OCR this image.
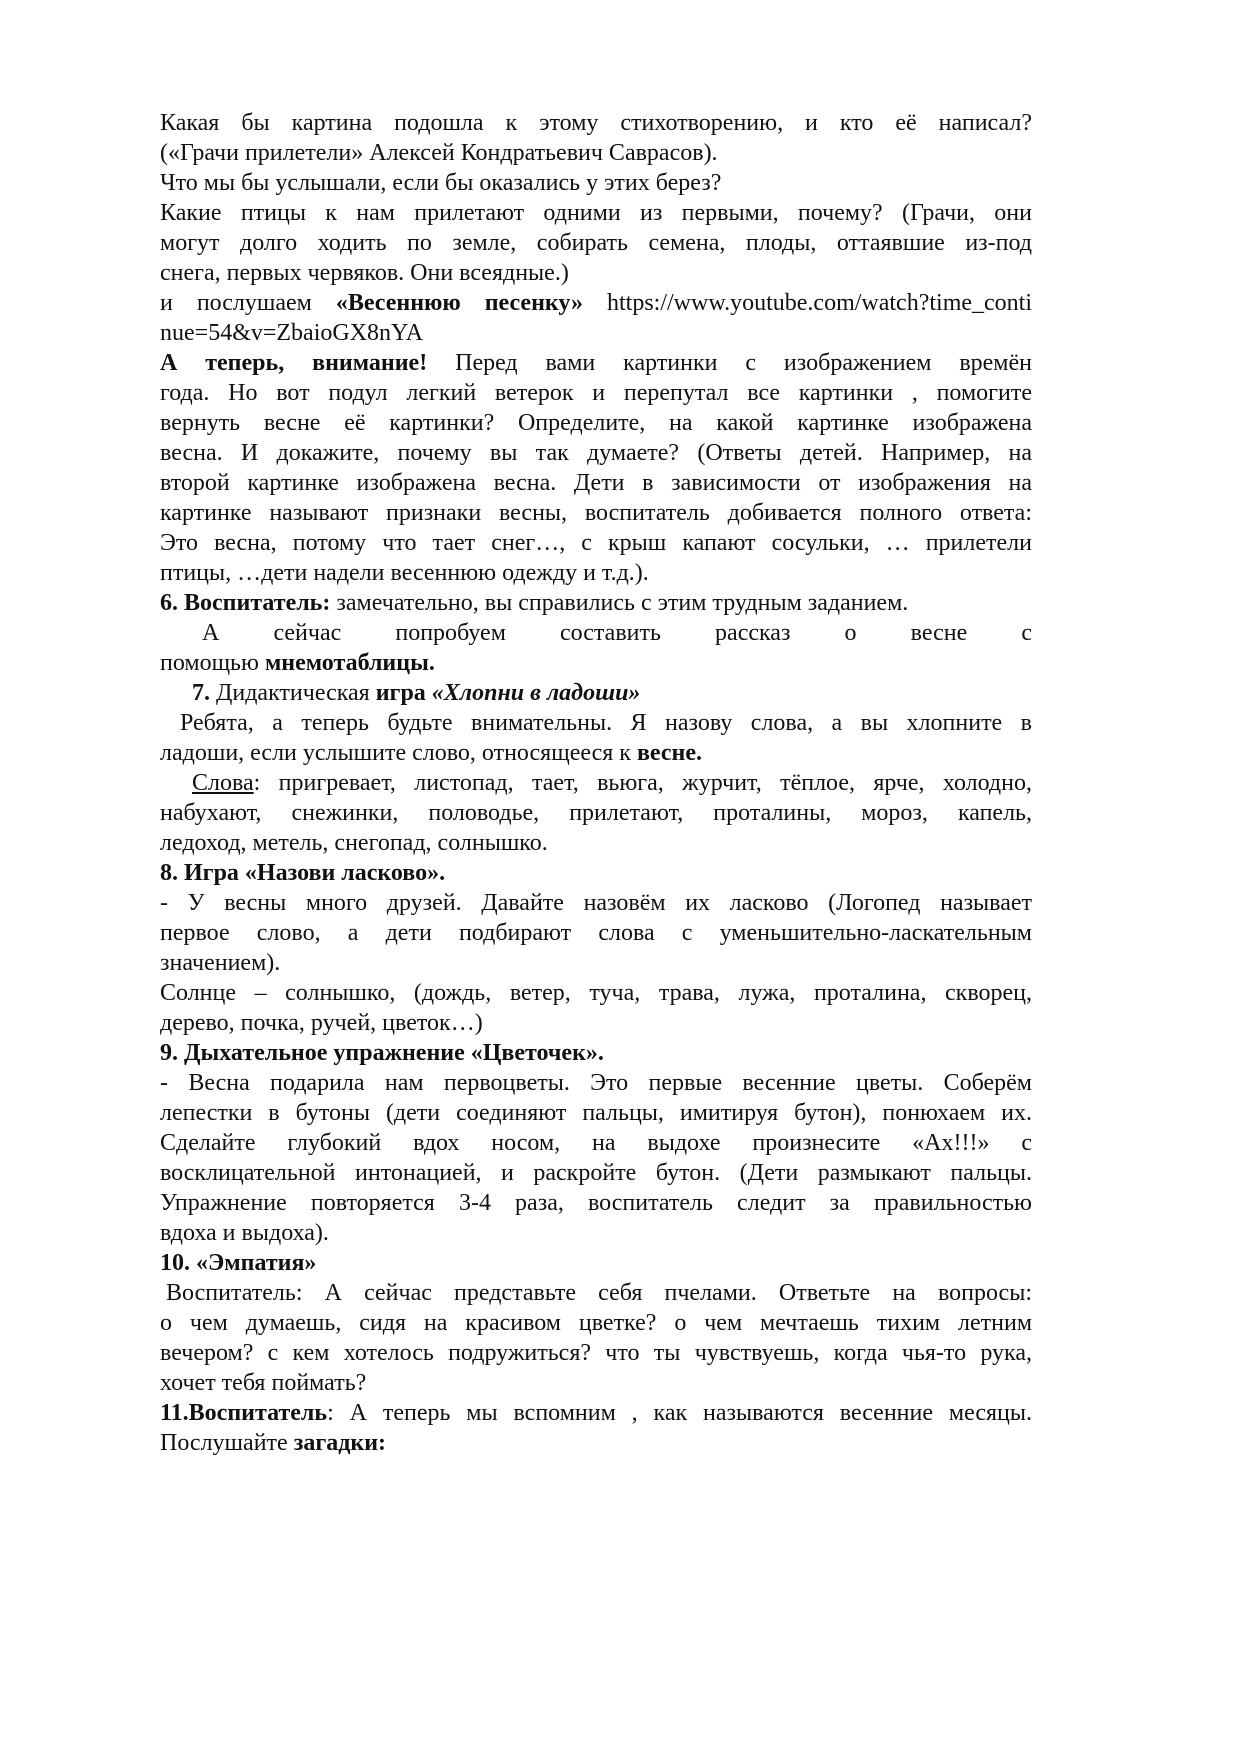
Какая бы картина подошла к этому стихотворению, и кто её написал?
(«Грачи прилетели» Алексей Кондратьевич Саврасов).
Что мы бы услышали, если бы оказались у этих берез?
Какие птицы к нам прилетают одними из первыми, почему? (Грачи, они
могут долго ходить по земле, собирать семена, плоды, оттаявшие из-под
снега, первых червяков. Они всеядные.)
и послушаем «Весеннюю песенку» https://www.youtube.com/watch?time_conti
nue=54&v=ZbaioGX8nYA
А теперь, внимание! Перед вами картинки с изображением времён
года. Но вот подул легкий ветерок и перепутал все картинки , помогите
вернуть весне её картинки? Определите, на какой картинке изображена
весна. И докажите, почему вы так думаете? (Ответы детей. Например, на
второй картинке изображена весна. Дети в зависимости от изображения на
картинке называют признаки весны, воспитатель добивается полного ответа:
Это весна, потому что тает снег…, с крыш капают сосульки, … прилетели
птицы, …дети надели весеннюю одежду и т.д.).
6. Воспитатель: замечательно, вы справились с этим трудным заданием.
А сейчас попробуем составить рассказ о весне с
помощью мнемотаблицы.
7. Дидактическая игра «Хлопни в ладоши»
Ребята, а теперь будьте внимательны. Я назову слова, а вы хлопните в
ладоши, если услышите слово, относящееся к весне.
Слова: пригревает, листопад, тает, вьюга, журчит, тёплое, ярче, холодно,
набухают, снежинки, половодье, прилетают, проталины, мороз, капель,
ледоход, метель, снегопад, солнышко.
8. Игра «Назови ласково».
- У весны много друзей. Давайте назовём их ласково (Логопед называет
первое слово, а дети подбирают слова с уменьшительно-ласкательным
значением).
Солнце – солнышко, (дождь, ветер, туча, трава, лужа, проталина, скворец,
дерево, почка, ручей, цветок…)
9. Дыхательное упражнение «Цветочек».
- Весна подарила нам первоцветы. Это первые весенние цветы. Соберём
лепестки в бутоны (дети соединяют пальцы, имитируя бутон), понюхаем их.
Сделайте глубокий вдох носом, на выдохе произнесите «Ах!!!» с
восклицательной интонацией, и раскройте бутон. (Дети размыкают пальцы.
Упражнение повторяется 3-4 раза, воспитатель следит за правильностью
вдоха и выдоха).
10. «Эмпатия»
Воспитатель: А сейчас представьте себя пчелами. Ответьте на вопросы:
о чем думаешь, сидя на красивом цветке? о чем мечтаешь тихим летним
вечером? с кем хотелось подружиться? что ты чувствуешь, когда чья-то рука,
хочет тебя поймать?
11.Воспитатель: А теперь мы вспомним , как называются весенние месяцы.
Послушайте загадки:
